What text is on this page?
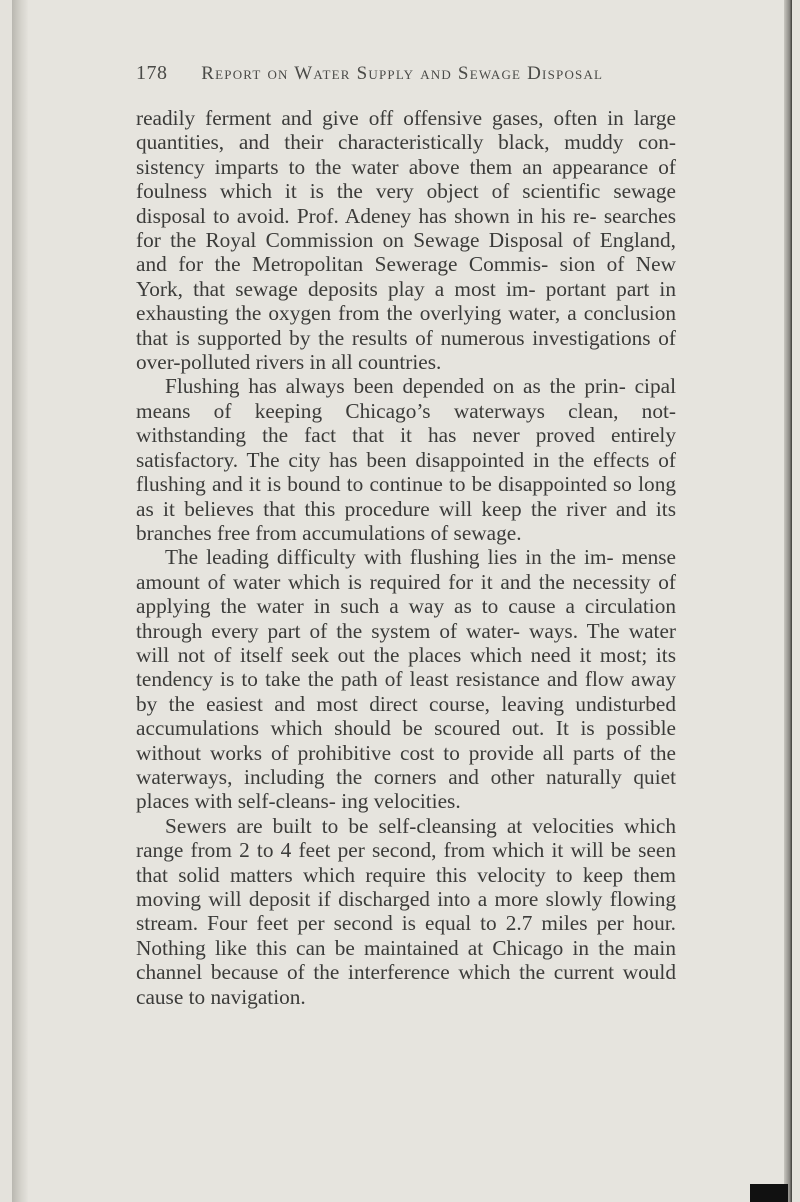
178 Report on Water Supply and Sewage Disposal

readily ferment and give off offensive gases, often in large quantities, and their characteristically black, muddy con- sistency imparts to the water above them an appearance of foulness which it is the very object of scientific sewage disposal to avoid. Prof. Adeney has shown in his re- searches for the Royal Commission on Sewage Disposal of England, and for the Metropolitan Sewerage Commis- sion of New York, that sewage deposits play a most im- portant part in exhausting the oxygen from the overlying water, a conclusion that is supported by the results of numerous investigations of over-polluted rivers in all countries.

Flushing has always been depended on as the prin- cipal means of keeping Chicago’s waterways clean, not- withstanding the fact that it has never proved entirely satisfactory. The city has been disappointed in the effects of flushing and it is bound to continue to be disappointed so long as it believes that this procedure will keep the river and its branches free from accumulations of sewage.

The leading difficulty with flushing lies in the im- mense amount of water which is required for it and the necessity of applying the water in such a way as to cause a circulation through every part of the system of water- ways. The water will not of itself seek out the places which need it most; its tendency is to take the path of least resistance and flow away by the easiest and most direct course, leaving undisturbed accumulations which should be scoured out. It is possible without works of prohibitive cost to provide all parts of the waterways, including the corners and other naturally quiet places with self-cleans- ing velocities.

Sewers are built to be self-cleansing at velocities which range from 2 to 4 feet per second, from which it will be seen that solid matters which require this velocity to keep them moving will deposit if discharged into a more slowly flowing stream. Four feet per second is equal to 2.7 miles per hour. Nothing like this can be maintained at Chicago in the main channel because of the interference which the current would cause to navigation.
